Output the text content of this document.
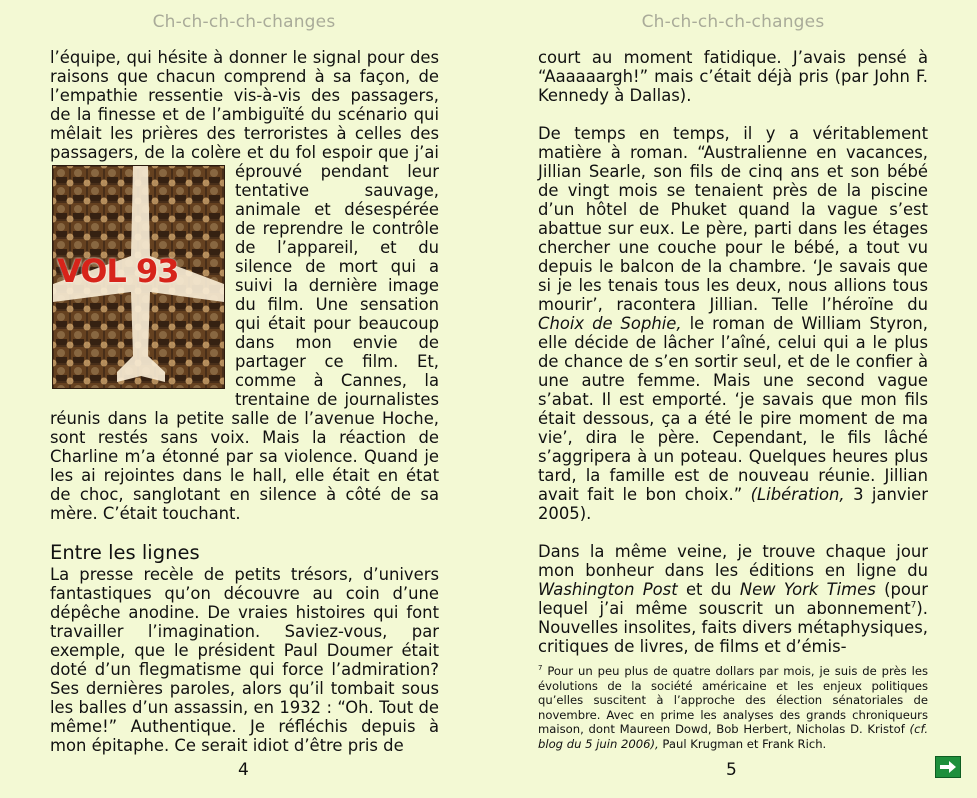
Ch-ch-ch-ch-changes

l’équipe, qui hésite à donner le signal pour des raisons que chacun comprend à sa façon, de l’empathie ressentie vis-à-vis des passagers, de la finesse et de l’ambiguïté du scénario qui mêlait les prières des terroristes à celles des passagers, de la colère et du fol
VOL 93
espoir que j’ai éprouvé pendant leur tentative sauvage, animale et désespérée de reprendre le contrôle de l’appareil, et du silence de mort qui a suivi la dernière image du film. Une sensation qui était pour beaucoup dans mon envie de partager ce film. Et, comme à Cannes, la trentaine de journalistes réunis dans la petite salle de l’avenue Hoche, sont restés sans voix. Mais la réaction de Charline m’a étonné par sa violence. Quand je les ai rejointes dans le hall, elle était en état de choc, sanglotant en silence à côté de sa mère. C’était touchant.

Entre les lignes

La presse recèle de petits trésors, d’univers fantastiques qu’on découvre au coin d’une dépêche anodine. De vraies histoires qui font travailler l’imagination. Saviez-vous, par exemple, que le président Paul Doumer était doté d’un flegmatisme qui force l’admiration? Ses dernières paroles, alors qu’il tombait sous les balles d’un assassin, en 1932 : “Oh. Tout de même!” Authentique. Je réfléchis depuis à mon épitaphe. Ce serait idiot d’être pris de

4
Ch-ch-ch-ch-changes

court au moment fatidique. J’avais pensé à “Aaaaaargh!” mais c’était déjà pris (par John F. Kennedy à Dallas).

De temps en temps, il y a véritablement matière à roman. “Australienne en vacances, Jillian Searle, son fils de cinq ans et son bébé de vingt mois se tenaient près de la piscine d’un hôtel de Phuket quand la vague s’est abattue sur eux. Le père, parti dans les étages chercher une couche pour le bébé, a tout vu depuis le balcon de la chambre. ‘Je savais que si je les tenais tous les deux, nous allions tous mourir’, racontera Jillian. Telle l’héroïne du Choix de Sophie, le roman de William Styron, elle décide de lâcher l’aîné, celui qui a le plus de chance de s’en sortir seul, et de le confier à une autre femme. Mais une second vague s’abat. Il est emporté. ‘je savais que mon fils était dessous, ça a été le pire moment de ma vie’, dira le père. Cependant, le fils lâché s’aggripera à un poteau. Quelques heures plus tard, la famille est de nouveau réunie. Jillian avait fait le bon choix.” (Libération, 3 janvier 2005).

Dans la même veine, je trouve chaque jour mon bonheur dans les éditions en ligne du Washington Post et du New York Times (pour lequel j’ai même souscrit un abonnement$^7$). Nouvelles insolites, faits divers métaphysiques, critiques de livres, de films et d’émis-

5
$^7$ Pour un peu plus de quatre dollars par mois, je suis de près les évolutions de la société américaine et les enjeux politiques qu’elles suscitent à l’approche des élection sénatoriales de novembre. Avec en prime les analyses des grands chroniqueurs maison, dont Maureen Dowd, Bob Herbert, Nicholas D. Kristof (cf. blog du 5 juin 2006), Paul Krugman et Frank Rich.
